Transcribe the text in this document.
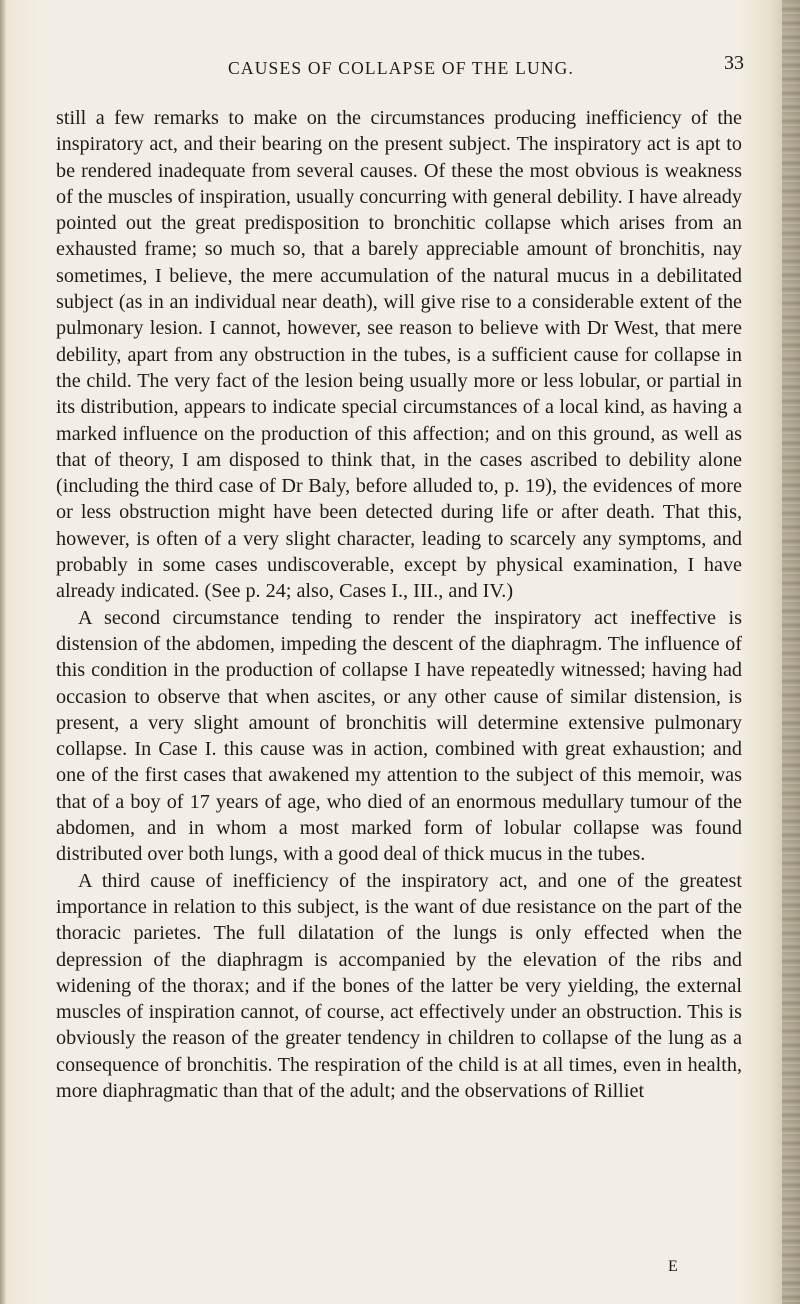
CAUSES OF COLLAPSE OF THE LUNG.	33

still a few remarks to make on the circumstances producing inefficiency of the inspiratory act, and their bearing on the present subject. The inspiratory act is apt to be rendered inadequate from several causes. Of these the most obvious is weakness of the muscles of inspiration, usually concurring with general debility. I have already pointed out the great predisposition to bronchitic collapse which arises from an exhausted frame; so much so, that a barely appreciable amount of bronchitis, nay sometimes, I believe, the mere accumulation of the natural mucus in a debilitated subject (as in an individual near death), will give rise to a considerable extent of the pulmonary lesion. I cannot, however, see reason to believe with Dr West, that mere debility, apart from any obstruction in the tubes, is a sufficient cause for collapse in the child. The very fact of the lesion being usually more or less lobular, or partial in its distribution, appears to indicate special circumstances of a local kind, as having a marked influence on the production of this affection; and on this ground, as well as that of theory, I am disposed to think that, in the cases ascribed to debility alone (including the third case of Dr Baly, before alluded to, p. 19), the evidences of more or less obstruction might have been detected during life or after death. That this, however, is often of a very slight character, leading to scarcely any symptoms, and probably in some cases undiscoverable, except by physical examination, I have already indicated. (See p. 24; also, Cases I., III., and IV.)

A second circumstance tending to render the inspiratory act ineffective is distension of the abdomen, impeding the descent of the diaphragm. The influence of this condition in the production of collapse I have repeatedly witnessed; having had occasion to observe that when ascites, or any other cause of similar distension, is present, a very slight amount of bronchitis will determine extensive pulmonary collapse. In Case I. this cause was in action, combined with great exhaustion; and one of the first cases that awakened my attention to the subject of this memoir, was that of a boy of 17 years of age, who died of an enormous medullary tumour of the abdomen, and in whom a most marked form of lobular collapse was found distributed over both lungs, with a good deal of thick mucus in the tubes.

A third cause of inefficiency of the inspiratory act, and one of the greatest importance in relation to this subject, is the want of due resistance on the part of the thoracic parietes. The full dilatation of the lungs is only effected when the depression of the diaphragm is accompanied by the elevation of the ribs and widening of the thorax; and if the bones of the latter be very yielding, the external muscles of inspiration cannot, of course, act effectively under an obstruction. This is obviously the reason of the greater tendency in children to collapse of the lung as a consequence of bronchitis. The respiration of the child is at all times, even in health, more diaphragmatic than that of the adult; and the observations of Rilliet

E
